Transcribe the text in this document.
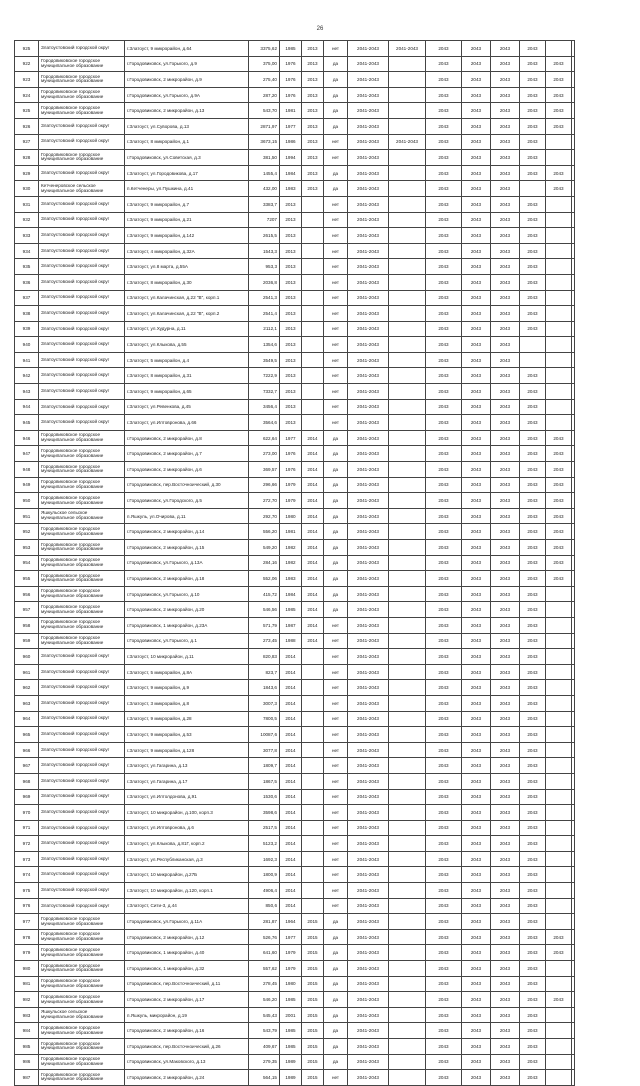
26
925	Златоустовский городской округ	г.Златоуст, 9 микрорайон, д.64	3375,62	1985	2013	нет	2041-2043	2041-2043	2043	2043	2043	2043		
922	Городовиковское городское муниципальное образование	г.Городовиковск, ул.Горького, д.9	375,00	1976	2013	да	2041-2043		2043	2043	2043	2043	2043	
923	Городовиковское городское муниципальное образование	г.Городовиковск, 2 микрорайон, д.9	275,40	1976	2013	да	2041-2043		2043	2043	2043	2043	2043	
924	Городовиковское городское муниципальное образование	г.Городовиковск, ул.Горького, д.9А	287,20	1976	2013	да	2041-2043		2043	2043	2043	2043	2043	
925	Городовиковское городское муниципальное образование	г.Городовиковск, 2 микрорайон, д.13	543,70	1981	2013	да	2041-2043		2043	2043	2043	2043	2043	
926	Златоустовский городской округ	г.Златоуст, ул.Суворова, д.13	2871,97	1977	2013	да	2041-2043		2043	2043	2043	2043	2043	
927	Златоустовский городской округ	г.Златоуст, 8 микрорайон, д.1	3673,15	1986	2013	нет	2041-2043	2041-2043	2043	2043	2043	2043		
928	Городовиковское городское муниципальное образование	г.Городовиковск, ул.Советская, д.3	381,50	1994	2013	нет	2041-2043		2043	2043	2043	2043		
929	Златоустовский городской округ	г.Златоуст, ул.Городовикова, д.17	1455,4	1984	2013	да	2041-2043		2043	2043	2043	2043	2043	
930	Кетченеровское сельское муниципальное образование	п.Кетченеры, ул.Пушкина, д.41	432,00	1983	2013	да	2041-2043		2043	2043	2043		2043	
931	Златоустовский городской округ	г.Златоуст, 9 микрорайон, д.7	3383,7	2013		нет	2041-2043		2043	2043	2043	2043		
932	Златоустовский городской округ	г.Златоуст, 9 микрорайон, д.21	7207	2013		нет	2041-2043		2043	2043	2043	2043		
933	Златоустовский городской округ	г.Златоуст, 9 микрорайон, д.142	2615,5	2013		нет	2041-2043		2043	2043	2043	2043		
934	Златоустовский городской округ	г.Златоуст, 4 микрорайон, д.32А	1543,3	2013		нет	2041-2043		2043	2043	2043	2043		
935	Златоустовский городской округ	г.Златоуст, ул.8 марта, д.55А	953,3	2013		нет	2041-2043		2043	2043	2043	2043		
936	Златоустовский городской округ	г.Златоуст, 8 микрорайон, д.30	2036,8	2013		нет	2041-2043		2043	2043	2043	2043		
937	Златоустовский городской округ	г.Златоуст, ул.Калачинская, д.22 "В", корп.1	2541,3	2013		нет	2041-2043		2043	2043	2043	2043		
938	Златоустовский городской округ	г.Златоуст, ул.Калачинская, д.22 "В", корп.2	2541,4	2013		нет	2041-2043		2043	2043	2043	2043		
939	Златоустовский городской округ	г.Златоуст, ул.Худурна, д.11	2112,1	2013		нет	2041-2043		2043	2043	2043	2043		
940	Златоустовский городской округ	г.Златоуст, ул.Клыкова, д.55	1354,6	2013		нет	2041-2043		2043	2043	2043			
941	Златоустовский городской округ	г.Златоуст, 5 микрорайон, д.4	3549,5	2013		нет	2041-2043		2043	2043	2043			
942	Златоустовский городской округ	г.Златоуст, 8 микрорайон, д.31	7222,9	2013		нет	2041-2043		2043	2043	2043	2043		
943	Златоустовский городской округ	г.Златоуст, 9 микрорайон, д.65	7332,7	2013		нет	2041-2043		2043	2043	2043	2043		
944	Златоустовский городской округ	г.Златоуст, ул.Ревенкова, д.45	3456,4	2013		нет	2041-2043		2043	2043	2043	2043		
945	Златоустовский городской округ	г.Златоуст, ул.Илтовронова, д.66	3564,6	2013		нет	2041-2043		2043	2043	2043	2043		
946	Городовиковское городское муниципальное образование	г.Городовиковск, 2 микрорайон, д.8	622,64	1977	2014	да	2041-2043		2043	2043	2043	2043	2043	
947	Городовиковское городское муниципальное образование	г.Городовиковск, 2 микрорайон, д.7	273,00	1976	2014	да	2041-2043		2043	2043	2043	2043	2043	
948	Городовиковское городское муниципальное образование	г.Городовиковск, 2 микрорайон, д.6	369,57	1976	2014	да	2041-2043		2043	2043	2043	2043	2043	
949	Городовиковское городское муниципальное образование	г.Городовиковск, пер.Восточноический, д.30	296,66	1979	2014	да	2041-2043		2043	2043	2043	2043	2043	
950	Городовиковское городское муниципальное образование	г.Городовиковск, ул.Городского, д.5	272,70	1979	2014	да	2041-2043		2043	2043	2043	2043	2043	
951	Яшкульское сельское муниципальное образование	п.Яшкуль, ул.Очирова, д.11	292,70	1980	2014	да	2041-2043		2043	2043	2043	2043	2043	
952	Городовиковское городское муниципальное образование	г.Городовиковск, 2 микрорайон, д.14	556,20	1981	2014	да	2041-2043		2043	2043	2043	2043	2043	
953	Городовиковское городское муниципальное образование	г.Городовиковск, 2 микрорайон, д.15	549,20	1982	2014	да	2041-2043		2043	2043	2043	2043	2043	
954	Городовиковское городское муниципальное образование	г.Городовиковск, ул.Горького, д.13А	284,16	1982	2014	да	2041-2043		2043	2043	2043	2043	2043	
955	Городовиковское городское муниципальное образование	г.Городовиковск, 2 микрорайон, д.18	552,06	1983	2014	да	2041-2043		2043	2043	2043	2043	2043	
956	Городовиковское городское муниципальное образование	г.Городовиковск, ул.Горького, д.10	415,72	1984	2014	да	2041-2043		2043	2043	2043	2043		
957	Городовиковское городское муниципальное образование	г.Городовиковск, 2 микрорайон, д.20	546,56	1985	2014	да	2041-2043		2043	2043	2043	2043		
958	Городовиковское городское муниципальное образование	г.Городовиковск, 1 микрорайон, д.23А	571,79	1987	2014	нет	2041-2043		2043	2043	2043	2043		
959	Городовиковское городское муниципальное образование	г.Городовиковск, ул.Горького, д.1	273,45	1988	2014	нет	2041-2043		2043	2043	2043	2043		
960	Златоустовский городской округ	г.Златоуст, 10 микрорайон, д.11	820,83	2014		нет	2041-2043		2043	2043	2043	2043		
961	Златоустовский городской округ	г.Златоуст, 5 микрорайон, д.8А	823,7	2014		нет	2041-2043		2043	2043	2043	2043		
962	Златоустовский городской округ	г.Златоуст, 9 микрорайон, д.9	1843,6	2014		нет	2041-2043		2043	2043	2043	2043		
963	Златоустовский городской округ	г.Златоуст, 3 микрорайон, д.8	3007,3	2014		нет	2041-2043		2043	2043	2043	2043		
964	Златоустовский городской округ	г.Златоуст, 9 микрорайон, д.28	7800,5	2014		нет	2041-2043		2043	2043	2043	2043		
965	Златоустовский городской округ	г.Златоуст, 9 микрорайон, д.53	10087,6	2014		нет	2041-2043		2043	2043	2043	2043		
966	Златоустовский городской округ	г.Златоуст, 9 микрорайон, д.128	3077,8	2014		нет	2041-2043		2043	2043	2043	2043		
967	Златоустовский городской округ	г.Златоуст, ул.Гагарина, д.13	1809,7	2014		нет	2041-2043		2043	2043	2043	2043		
968	Златоустовский городской округ	г.Златоуст, ул.Гагарина, д.17	1867,5	2014		нет	2041-2043		2043	2043	2043	2043		
969	Златоустовский городской округ	г.Златоуст, ул.Илтолдонова, д.91	1530,6	2014		нет	2041-2043		2043	2043	2043	2043		
970	Златоустовский городской округ	г.Златоуст, 10 микрорайон, д.100, корп.3	3598,6	2014		нет	2041-2043		2043	2043	2043	2043		
971	Златоустовский городской округ	г.Златоуст, ул.Илтовронова, д.6	2517,5	2014		нет	2041-2043		2043	2043	2043	2043		
972	Златоустовский городской округ	г.Златоуст, ул.Клыкова, д.81Г, корп.2	5123,2	2014		нет	2041-2043		2043	2043	2043	2043		
973	Златоустовский городской округ	г.Златоуст, ул.Республиканская, д.3	1692,3	2014		нет	2041-2043		2043	2043	2043	2043		
974	Златоустовский городской округ	г.Златоуст, 10 микрорайон, д.27Б	1800,9	2014		нет	2041-2043		2043	2043	2043	2043		
975	Златоустовский городской округ	г.Златоуст, 10 микрорайон, д.120, корп.1	4906,4	2014		нет	2041-2043		2043	2043	2043	2043		
976	Златоустовский городской округ	г.Златоуст, Сити-3, д.44	850,6	2014		нет	2041-2043		2043	2043	2043	2043		
977	Городовиковское городское муниципальное образование	г.Городовиковск, ул.Горького, д.11А	281,87	1964	2015	да	2041-2043		2043	2043	2043	2043		
978	Городовиковское городское муниципальное образование	г.Городовиковск, 2 микрорайон, д.12	526,76	1977	2015	да	2041-2043		2043	2043	2043	2043	2043	
979	Городовиковское городское муниципальное образование	г.Городовиковск, 1 микрорайон, д.40	641,60	1979	2015	да	2041-2043		2043	2043	2043	2043	2043	
980	Городовиковское городское муниципальное образование	г.Городовиковск, 1 микрорайон, д.32	557,62	1979	2015	да	2041-2043		2043	2043	2043	2043		
981	Городовиковское городское муниципальное образование	г.Городовиковск, пер.Восточноический, д.11	278,45	1980	2015	да	2041-2043		2043	2043	2043	2043		
982	Городовиковское городское муниципальное образование	г.Городовиковск, 2 микрорайон, д.17	546,20	1985	2015	да	2041-2043		2043	2043	2043	2043	2043	
983	Яшкульское сельское муниципальное образование	п.Яшкуль, микрорайон, д.19	545,43	2001	2015	да	2041-2043		2043	2043	2043	2043		
984	Городовиковское городское муниципальное образование	г.Городовиковск, 2 микрорайон, д.16	543,79	1985	2015	да	2041-2043		2043	2043	2043	2043		
985	Городовиковское городское муниципальное образование	г.Городовиковск, пер.Восточноический, д.26	409,67	1985	2015	да	2041-2043		2043	2043	2043	2043		
986	Городовиковское городское муниципальное образование	г.Городовиковск, ул.Маковского, д.13	279,35	1989	2015	да	2041-2043		2043	2043	2043	2043		
987	Городовиковское городское муниципальное образование	г.Городовиковск, 2 микрорайон, д.24	564,15	1989	2015	нет	2041-2043		2043	2043	2043	2043		
